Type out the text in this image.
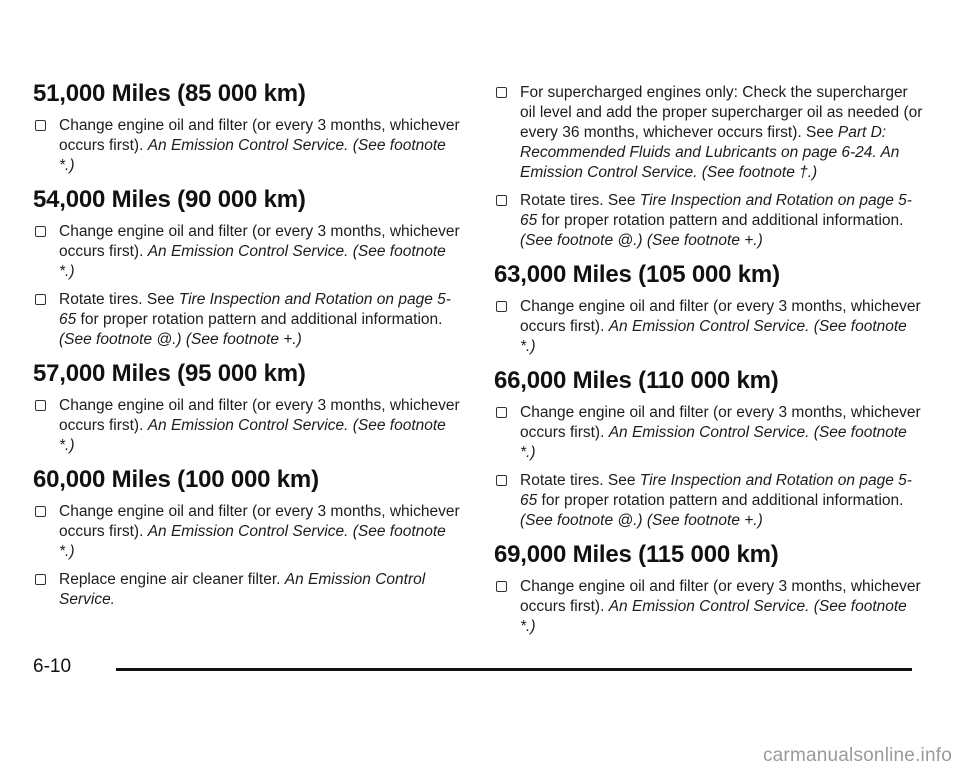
51,000 Miles (85 000 km)
Change engine oil and filter (or every 3 months, whichever occurs first). An Emission Control Service. (See footnote *.)
54,000 Miles (90 000 km)
Change engine oil and filter (or every 3 months, whichever occurs first). An Emission Control Service. (See footnote *.)
Rotate tires. See Tire Inspection and Rotation on page 5-65 for proper rotation pattern and additional information. (See footnote @.) (See footnote +.)
57,000 Miles (95 000 km)
Change engine oil and filter (or every 3 months, whichever occurs first). An Emission Control Service. (See footnote *.)
60,000 Miles (100 000 km)
Change engine oil and filter (or every 3 months, whichever occurs first). An Emission Control Service. (See footnote *.)
Replace engine air cleaner filter. An Emission Control Service.
For supercharged engines only: Check the supercharger oil level and add the proper supercharger oil as needed (or every 36 months, whichever occurs first). See Part D: Recommended Fluids and Lubricants on page 6-24. An Emission Control Service. (See footnote †.)
Rotate tires. See Tire Inspection and Rotation on page 5-65 for proper rotation pattern and additional information. (See footnote @.) (See footnote +.)
63,000 Miles (105 000 km)
Change engine oil and filter (or every 3 months, whichever occurs first). An Emission Control Service. (See footnote *.)
66,000 Miles (110 000 km)
Change engine oil and filter (or every 3 months, whichever occurs first). An Emission Control Service. (See footnote *.)
Rotate tires. See Tire Inspection and Rotation on page 5-65 for proper rotation pattern and additional information. (See footnote @.) (See footnote +.)
69,000 Miles (115 000 km)
Change engine oil and filter (or every 3 months, whichever occurs first). An Emission Control Service. (See footnote *.)
6-10
carmanualsonline.info
